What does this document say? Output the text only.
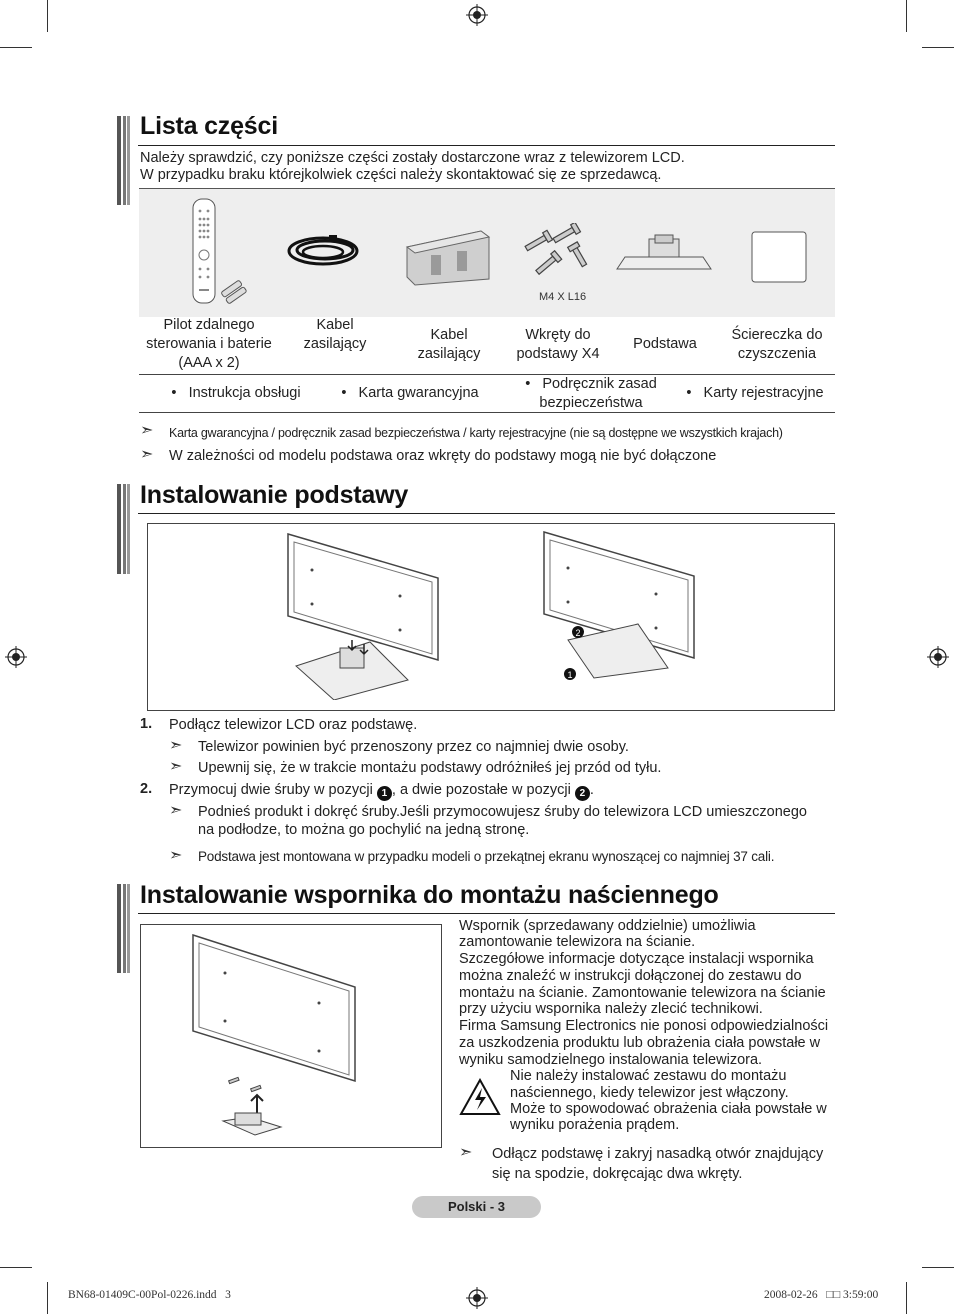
Lista części
Należy sprawdzić, czy poniższe części zostały dostarczone wraz z telewizorem LCD.
W przypadku braku którejkolwiek części należy skontaktować się ze sprzedawcą.
M4 X L16
Pilot zdalnego sterowania i baterie (AAA x 2)
Kabel zasilający
Kabel zasilający
Wkręty do podstawy X4
Podstawa
Ściereczka do czyszczenia
•   Instrukcja obsługi	•   Karta gwarancyjna
•   Podręcznik zasad bezpieczeństwa
•   Karty rejestracyjne
➣ Karta gwarancyjna / podręcznik zasad bezpieczeństwa / karty rejestracyjne (nie są dostępne we wszystkich krajach)
➣ W zależności od modelu podstawa oraz wkręty do podstawy mogą nie być dołączone
Instalowanie podstawy
2
1
1. Podłącz telewizor LCD oraz podstawę.
➣ Telewizor powinien być przenoszony przez co najmniej dwie osoby.
➣ Upewnij się, że w trakcie montażu podstawy odróżniłeś jej przód od tyłu.
2. Przymocuj dwie śruby w pozycji 1 , a dwie pozostałe w pozycji 2 .
➣ Podnieś produkt i dokręć śruby.Jeśli przymocowujesz śruby do telewizora LCD umieszczonego
na podłodze, to można go pochylić na jedną stronę.
➣ Podstawa jest montowana w przypadku modeli o przekątnej ekranu wynoszącej co najmniej 37 cali.
Instalowanie wspornika do montażu naściennego
Wspornik (sprzedawany oddzielnie) umożliwia
zamontowanie telewizora na ścianie.
Szczegółowe informacje dotyczące instalacji wspornika
można znaleźć w instrukcji dołączonej do zestawu do
montażu na ścianie. Zamontowanie telewizora na ścianie
przy użyciu wspornika należy zlecić technikowi.
Firma Samsung Electronics nie ponosi odpowiedzialności
za uszkodzenia produktu lub obrażenia ciała powstałe w
wyniku samodzielnego instalowania telewizora.
Nie należy instalować zestawu do montażu
naściennego, kiedy telewizor jest włączony.
Może to spowodować obrażenia ciała powstałe w
wyniku porażenia prądem.
➣ Odłącz podstawę i zakryj nasadką otwór znajdujący
się na spodzie, dokręcając dwa wkręty.
Polski - 3
BN68-01409C-00Pol-0226.indd   3	2008-02-26   □□ 3:59:00
